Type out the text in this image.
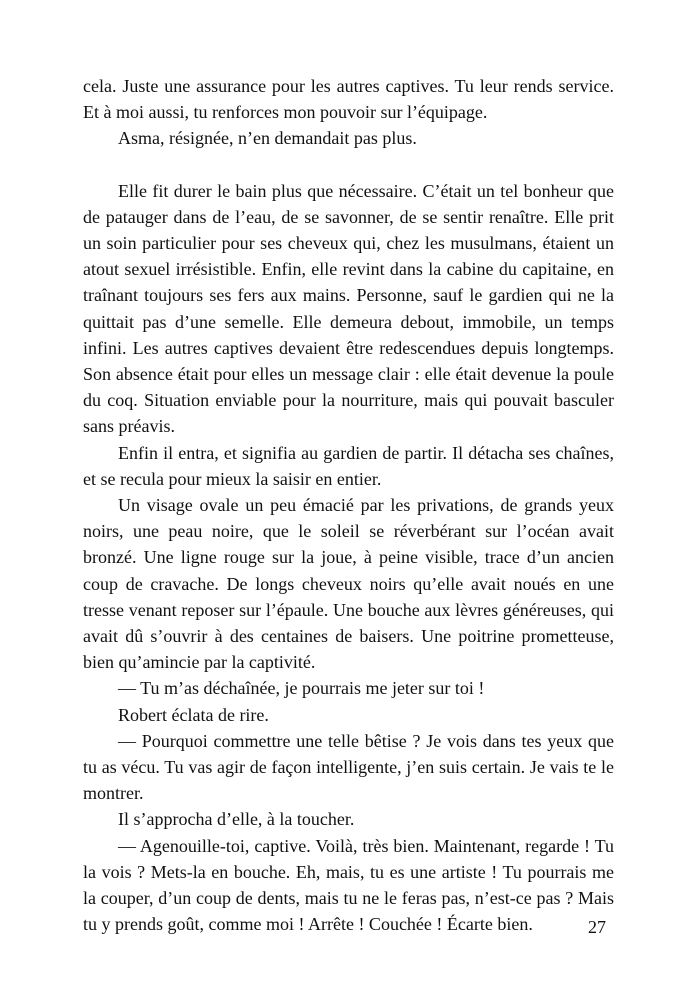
cela. Juste une assurance pour les autres captives. Tu leur rends service. Et à moi aussi, tu renforces mon pouvoir sur l’équipage.

Asma, résignée, n’en demandait pas plus.

Elle fit durer le bain plus que nécessaire. C’était un tel bonheur que de patauger dans de l’eau, de se savonner, de se sentir renaître. Elle prit un soin particulier pour ses cheveux qui, chez les musulmans, étaient un atout sexuel irrésistible. Enfin, elle revint dans la cabine du capitaine, en traînant toujours ses fers aux mains. Personne, sauf le gardien qui ne la quittait pas d’une semelle. Elle demeura debout, immobile, un temps infini. Les autres captives devaient être redescendues depuis longtemps. Son absence était pour elles un message clair : elle était devenue la poule du coq. Situation enviable pour la nourriture, mais qui pouvait basculer sans préavis.

Enfin il entra, et signifia au gardien de partir. Il détacha ses chaînes, et se recula pour mieux la saisir en entier.

Un visage ovale un peu émacié par les privations, de grands yeux noirs, une peau noire, que le soleil se réverbérant sur l’océan avait bronzé. Une ligne rouge sur la joue, à peine visible, trace d’un ancien coup de cravache. De longs cheveux noirs qu’elle avait noués en une tresse venant reposer sur l’épaule. Une bouche aux lèvres généreuses, qui avait dû s’ouvrir à des centaines de baisers. Une poitrine prometteuse, bien qu’amincie par la captivité.

— Tu m’as déchaînée, je pourrais me jeter sur toi !

Robert éclata de rire.

— Pourquoi commettre une telle bêtise ? Je vois dans tes yeux que tu as vécu. Tu vas agir de façon intelligente, j’en suis certain. Je vais te le montrer.

Il s’approcha d’elle, à la toucher.

— Agenouille-toi, captive. Voilà, très bien. Maintenant, regarde ! Tu la vois ? Mets-la en bouche. Eh, mais, tu es une artiste ! Tu pourrais me la couper, d’un coup de dents, mais tu ne le feras pas, n’est-ce pas ? Mais tu y prends goût, comme moi ! Arrête ! Couchée ! Écarte bien.	27
